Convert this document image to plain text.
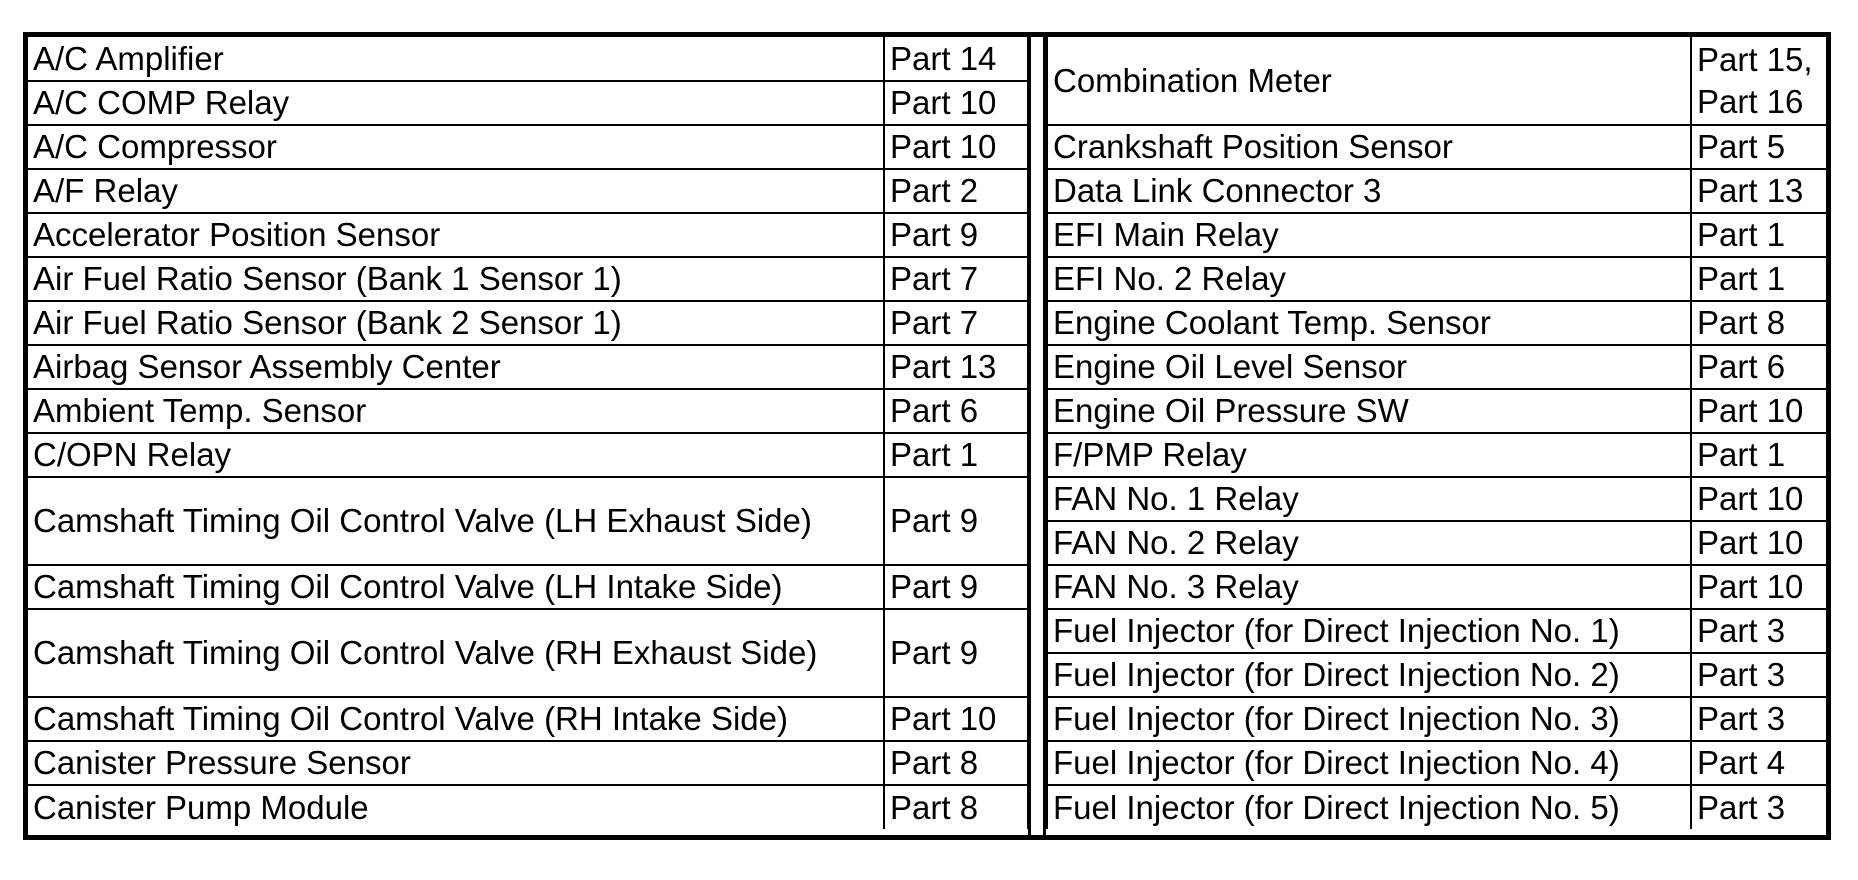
A/C Amplifier	Part 14
A/C COMP Relay	Part 10
A/C Compressor	Part 10
A/F Relay	Part 2
Accelerator Position Sensor	Part 9
Air Fuel Ratio Sensor (Bank 1 Sensor 1)	Part 7
Air Fuel Ratio Sensor (Bank 2 Sensor 1)	Part 7
Airbag Sensor Assembly Center	Part 13
Ambient Temp. Sensor	Part 6
C/OPN Relay	Part 1
Camshaft Timing Oil Control Valve (LH Exhaust Side)	Part 9
Camshaft Timing Oil Control Valve (LH Intake Side)	Part 9
Camshaft Timing Oil Control Valve (RH Exhaust Side)	Part 9
Camshaft Timing Oil Control Valve (RH Intake Side)	Part 10
Canister Pressure Sensor	Part 8
Canister Pump Module	Part 8
Combination Meter	Part 15, Part 16
Crankshaft Position Sensor	Part 5
Data Link Connector 3	Part 13
EFI Main Relay	Part 1
EFI No. 2 Relay	Part 1
Engine Coolant Temp. Sensor	Part 8
Engine Oil Level Sensor	Part 6
Engine Oil Pressure SW	Part 10
F/PMP Relay	Part 1
FAN No. 1 Relay	Part 10
FAN No. 2 Relay	Part 10
FAN No. 3 Relay	Part 10
Fuel Injector (for Direct Injection No. 1)	Part 3
Fuel Injector (for Direct Injection No. 2)	Part 3
Fuel Injector (for Direct Injection No. 3)	Part 3
Fuel Injector (for Direct Injection No. 4)	Part 4
Fuel Injector (for Direct Injection No. 5)	Part 3
